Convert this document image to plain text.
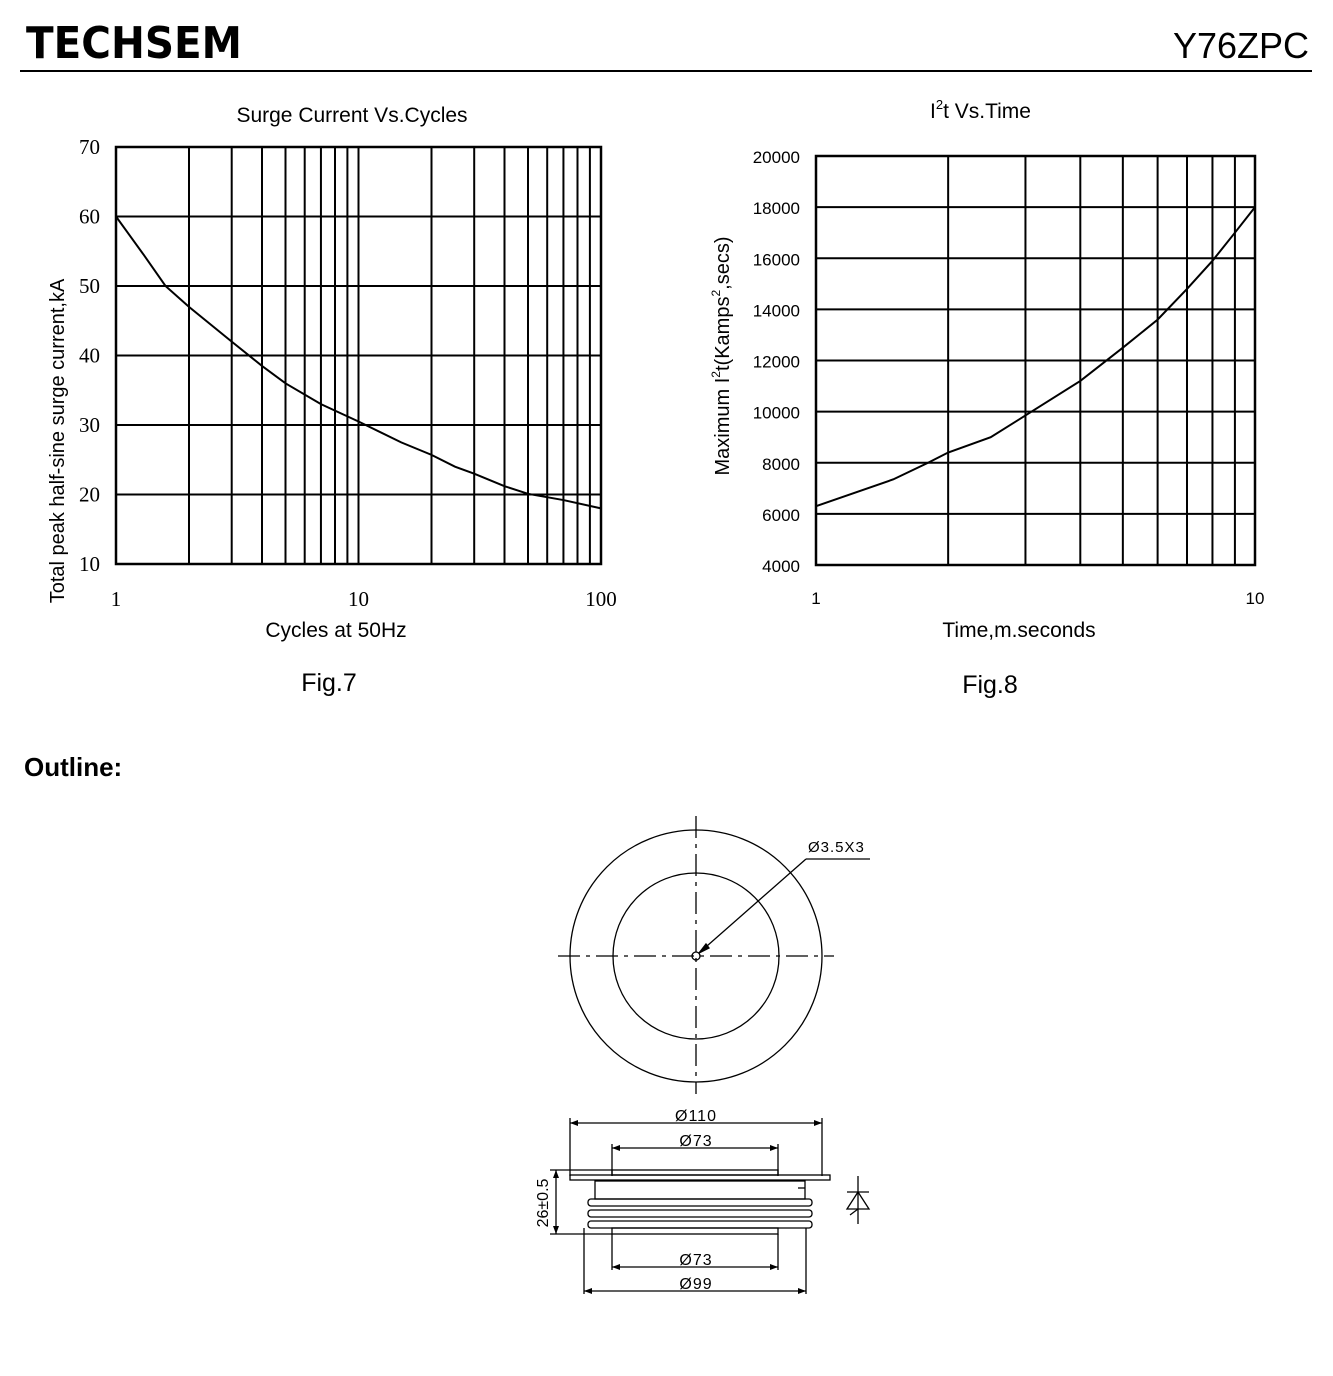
TECHSEM	Y76ZPC
Surge Current Vs.Cycles
10
20
30
40
50
60
70
1	10	100
Cycles at 50Hz
Total peak half-sine surge current,kA
Fig.7
$I^2t$ Vs.Time
4000
6000
8000
10000
12000
14000
16000
18000
20000
1	10
Time,m.seconds
Maximum $I^2t(Kamps^2,\sec s)$
Fig.8
Outline:
Ø3.5X3
Ø110
Ø73
Ø73
Ø99
26±0.5
